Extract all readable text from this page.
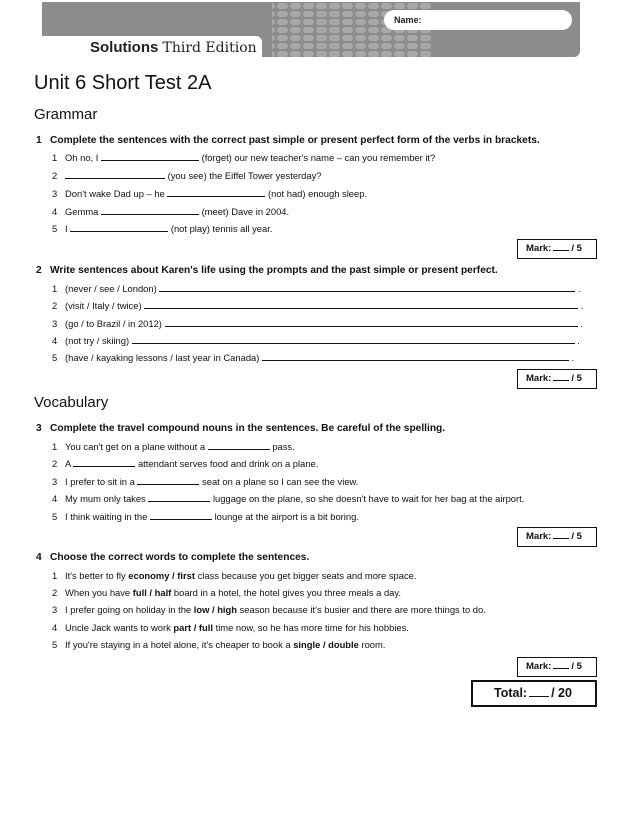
Name:
Solutions Third Edition
Unit 6 Short Test 2A
Grammar
1 Complete the sentences with the correct past simple or present perfect form of the verbs in brackets.
1 Oh no, I	(forget) our new teacher's name – can you remember it?
2	(you see) the Eiffel Tower yesterday?
3 Don't wake Dad up – he	(not had) enough sleep.
4 Gemma	(meet) Dave in 2004.
5 I	(not play) tennis all year.
Mark: / 5
2 Write sentences about Karen's life using the prompts and the past simple or present perfect.
1 (never / see / London)	.
2 (visit / Italy / twice)	.
3 (go / to Brazil / in 2012)	.
4 (not try / skiing)	.
5 (have / kayaking lessons / last year in Canada)	.
Mark: / 5
Vocabulary
3 Complete the travel compound nouns in the sentences. Be careful of the spelling.
1 You can't get on a plane without a	pass.
2 A	attendant serves food and drink on a plane.
3 I prefer to sit in a	seat on a plane so I can see the view.
4 My mum only takes	luggage on the plane, so she doesn't have to wait for her bag at the airport.
5 I think waiting in the	lounge at the airport is a bit boring.
Mark: / 5
4 Choose the correct words to complete the sentences.
1 It's better to fly economy / first class because you get bigger seats and more space.
2 When you have full / half board in a hotel, the hotel gives you three meals a day.
3 I prefer going on holiday in the low / high season because it's busier and there are more things to do.
4 Uncle Jack wants to work part / full time now, so he has more time for his hobbies.
5 If you're staying in a hotel alone, it's cheaper to book a single / double room.
Mark: / 5
Total: / 20
